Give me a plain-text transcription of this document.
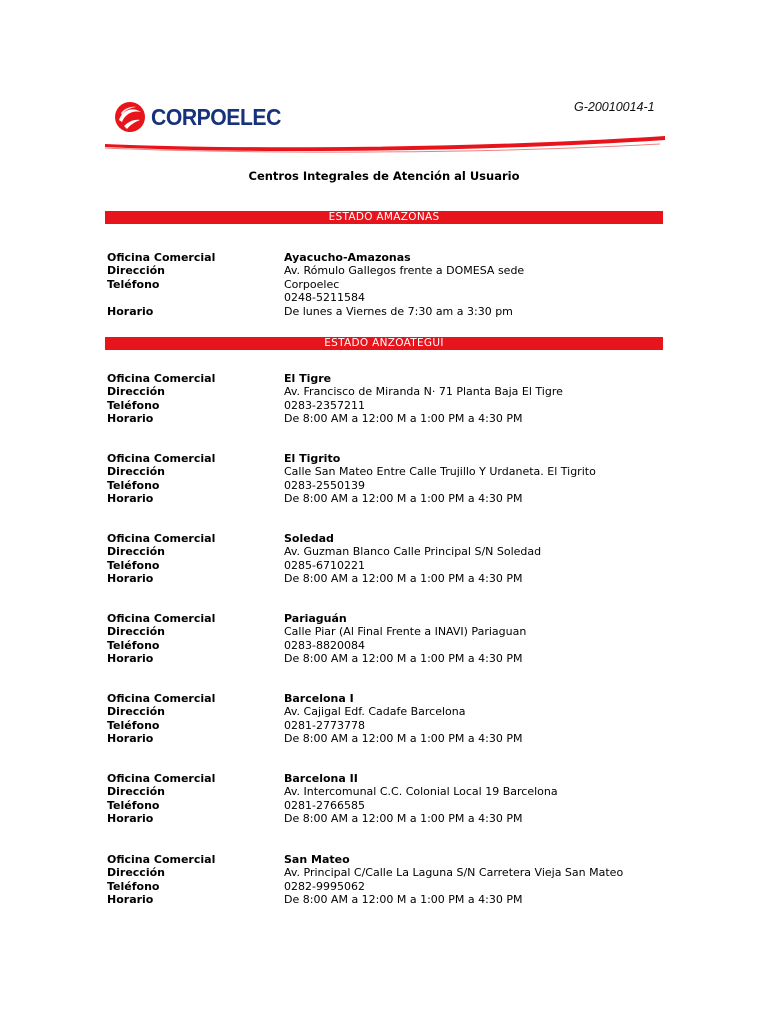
CORPOELEC	G-20010014-1
Centros Integrales de Atención al Usuario
ESTADO AMAZONAS
Oficina Comercial	Ayacucho-Amazonas
Dirección	Av. Rómulo Gallegos frente a DOMESA sede
Teléfono	Corpoelec
0248-5211584
Horario	De lunes a Viernes de 7:30 am a 3:30 pm
ESTADO ANZOATEGUI
Oficina Comercial	El Tigre
Dirección	Av. Francisco de Miranda N· 71 Planta Baja El Tigre
Teléfono	0283-2357211
Horario	De 8:00 AM a 12:00 M a 1:00 PM a 4:30 PM
Oficina Comercial	El Tigrito
Dirección	Calle San Mateo Entre Calle Trujillo Y Urdaneta. El Tigrito
Teléfono	0283-2550139
Horario	De 8:00 AM a 12:00 M a 1:00 PM a 4:30 PM
Oficina Comercial	Soledad
Dirección	Av. Guzman Blanco Calle Principal S/N Soledad
Teléfono	0285-6710221
Horario	De 8:00 AM a 12:00 M a 1:00 PM a 4:30 PM
Oficina Comercial	Pariaguán
Dirección	Calle Piar (Al Final Frente a INAVI) Pariaguan
Teléfono	0283-8820084
Horario	De 8:00 AM a 12:00 M a 1:00 PM a 4:30 PM
Oficina Comercial	Barcelona I
Dirección	Av. Cajigal Edf. Cadafe Barcelona
Teléfono	0281-2773778
Horario	De 8:00 AM a 12:00 M a 1:00 PM a 4:30 PM
Oficina Comercial	Barcelona II
Dirección	Av. Intercomunal C.C. Colonial Local 19 Barcelona
Teléfono	0281-2766585
Horario	De 8:00 AM a 12:00 M a 1:00 PM a 4:30 PM
Oficina Comercial	San Mateo
Dirección	Av. Principal C/Calle La Laguna S/N Carretera Vieja San Mateo
Teléfono	0282-9995062
Horario	De 8:00 AM a 12:00 M a 1:00 PM a 4:30 PM
